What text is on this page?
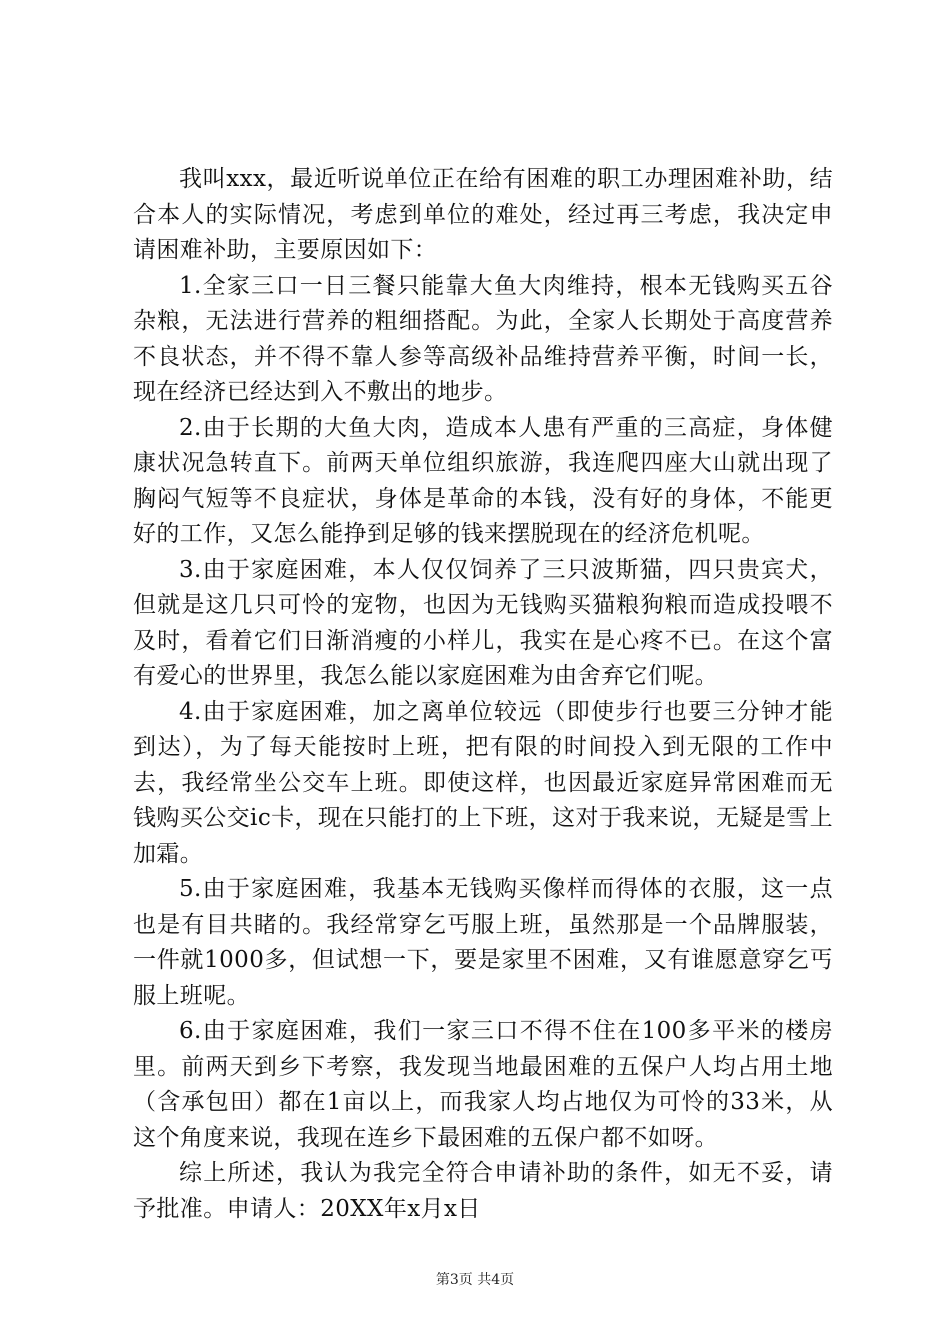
我叫xxx，最近听说单位正在给有困难的职工办理困难补助，结合本人的实际情况，考虑到单位的难处，经过再三考虑，我决定申请困难补助，主要原因如下：

1.全家三口一日三餐只能靠大鱼大肉维持，根本无钱购买五谷杂粮，无法进行营养的粗细搭配。为此，全家人长期处于高度营养不良状态，并不得不靠人参等高级补品维持营养平衡，时间一长，现在经济已经达到入不敷出的地步。

2.由于长期的大鱼大肉，造成本人患有严重的三高症，身体健康状况急转直下。前两天单位组织旅游，我连爬四座大山就出现了胸闷气短等不良症状，身体是革命的本钱，没有好的身体，不能更好的工作，又怎么能挣到足够的钱来摆脱现在的经济危机呢。

3.由于家庭困难，本人仅仅饲养了三只波斯猫，四只贵宾犬，但就是这几只可怜的宠物，也因为无钱购买猫粮狗粮而造成投喂不及时，看着它们日渐消瘦的小样儿，我实在是心疼不已。在这个富有爱心的世界里，我怎么能以家庭困难为由舍弃它们呢。

4.由于家庭困难，加之离单位较远（即使步行也要三分钟才能到达），为了每天能按时上班，把有限的时间投入到无限的工作中去，我经常坐公交车上班。即使这样，也因最近家庭异常困难而无钱购买公交ic卡，现在只能打的上下班，这对于我来说，无疑是雪上加霜。

5.由于家庭困难，我基本无钱购买像样而得体的衣服，这一点也是有目共睹的。我经常穿乞丐服上班，虽然那是一个品牌服装，一件就1000多，但试想一下，要是家里不困难，又有谁愿意穿乞丐服上班呢。

6.由于家庭困难，我们一家三口不得不住在100多平米的楼房里。前两天到乡下考察，我发现当地最困难的五保户人均占用土地（含承包田）都在1亩以上，而我家人均占地仅为可怜的33米，从这个角度来说，我现在连乡下最困难的五保户都不如呀。

综上所述，我认为我完全符合申请补助的条件，如无不妥，请予批准。申请人：20XX年x月x日

第3页 共4页
